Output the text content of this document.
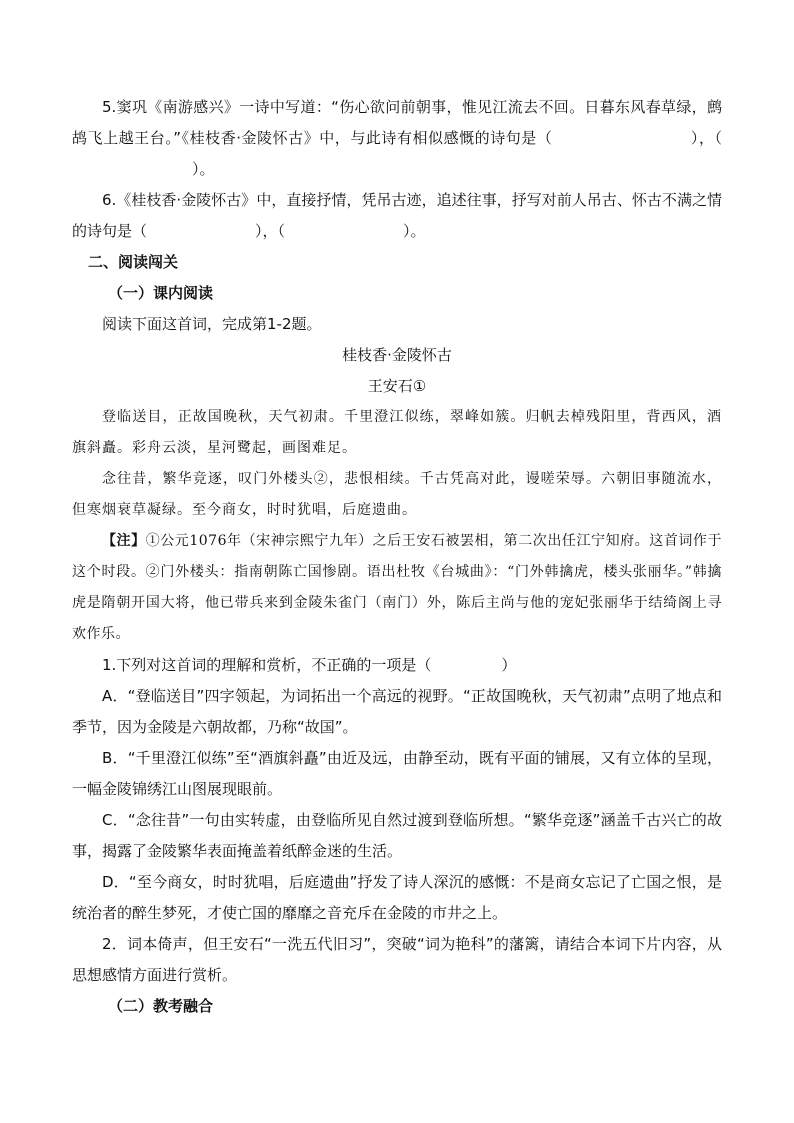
5.窦巩《南游感兴》一诗中写道：“伤心欲问前朝事，惟见江流去不回。日暮东风春草绿，鹧鸪飞上越王台。”《桂枝香·金陵怀古》中，与此诗有相似感慨的诗句是（	），（）。

6.《桂枝香·金陵怀古》中，直接抒情，凭吊古迹，追述往事，抒写对前人吊古、怀古不满之情的诗句是（	），（	）。

二、阅读闯关

（一）课内阅读

阅读下面这首词，完成第1-2题。

桂枝香·金陵怀古

王安石①

登临送目，正故国晚秋，天气初肃。千里澄江似练，翠峰如簇。归帆去棹残阳里，背西风，酒旗斜矗。彩舟云淡，星河鹭起，画图难足。

念往昔，繁华竞逐，叹门外楼头②，悲恨相续。千古凭高对此，谩嗟荣辱。六朝旧事随流水，但寒烟衰草凝绿。至今商女，时时犹唱，后庭遗曲。

【注】①公元1076年（宋神宗熙宁九年）之后王安石被罢相，第二次出任江宁知府。这首词作于这个时段。②门外楼头：指南朝陈亡国惨剧。语出杜牧《台城曲》：“门外韩擒虎，楼头张丽华。”韩擒虎是隋朝开国大将，他已带兵来到金陵朱雀门（南门）外，陈后主尚与他的宠妃张丽华于结绮阁上寻欢作乐。

1.下列对这首词的理解和赏析，不正确的一项是（	）

A．“登临送目”四字领起，为词拓出一个高远的视野。“正故国晚秋，天气初肃”点明了地点和季节，因为金陵是六朝故都，乃称“故国”。

B．“千里澄江似练”至“酒旗斜矗”由近及远，由静至动，既有平面的铺展，又有立体的呈现，一幅金陵锦绣江山图展现眼前。

C．“念往昔”一句由实转虚，由登临所见自然过渡到登临所想。“繁华竞逐”涵盖千古兴亡的故事，揭露了金陵繁华表面掩盖着纸醉金迷的生活。

D．“至今商女，时时犹唱，后庭遗曲”抒发了诗人深沉的感慨：不是商女忘记了亡国之恨，是统治者的醉生梦死，才使亡国的靡靡之音充斥在金陵的市井之上。

2．词本倚声，但王安石“一洗五代旧习”，突破“词为艳科”的藩篱，请结合本词下片内容，从思想感情方面进行赏析。

（二）教考融合
